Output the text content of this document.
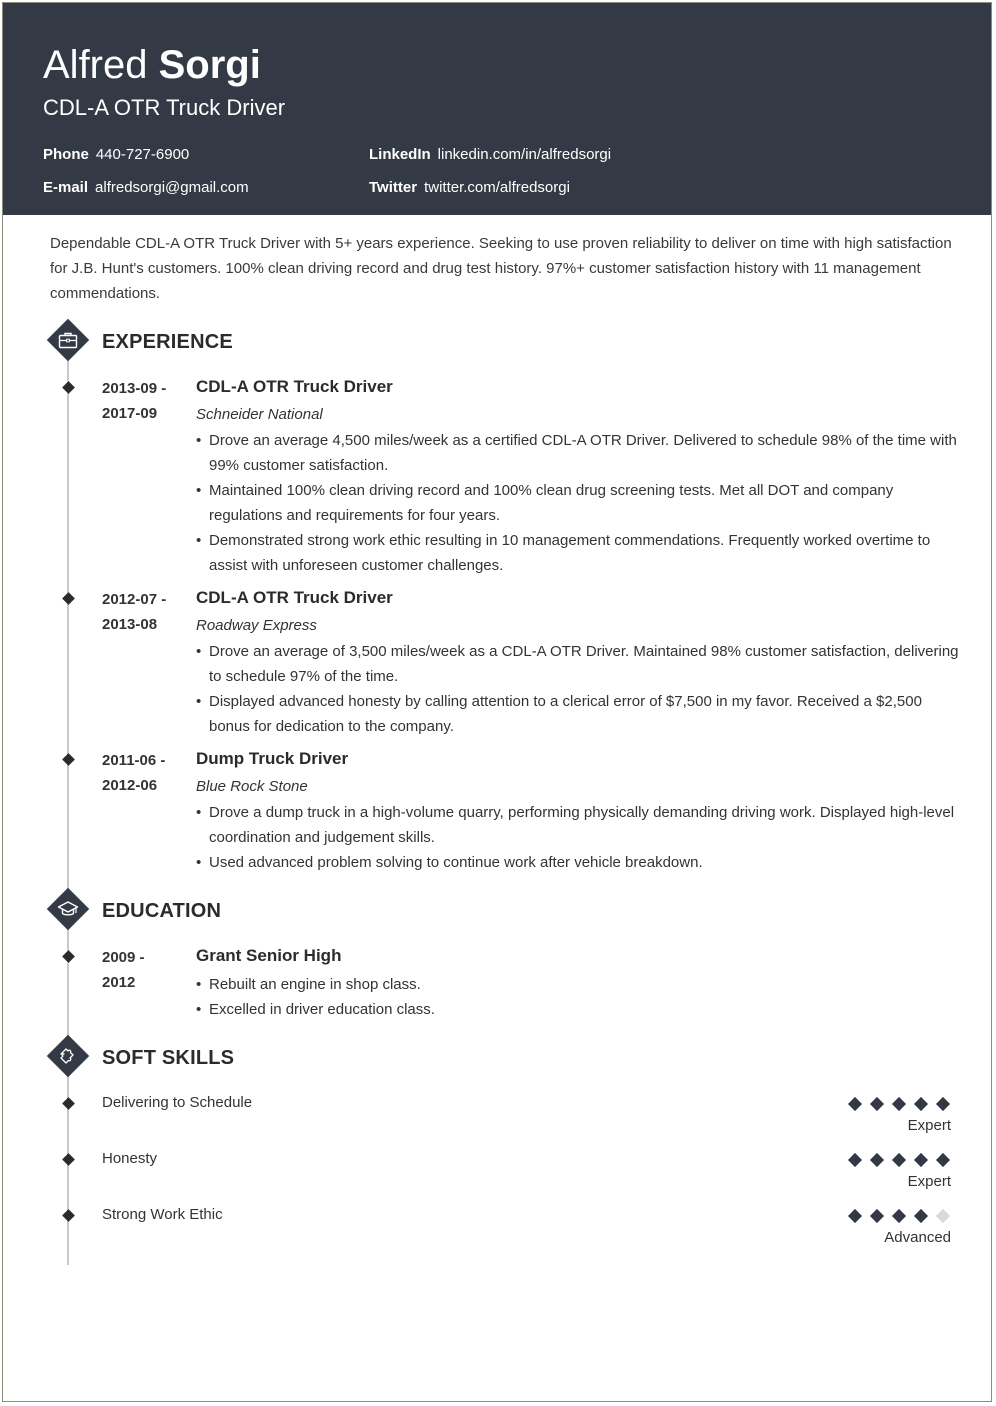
Alfred Sorgi
CDL-A OTR Truck Driver
Phone 440-727-6900
E-mail alfredsorgi@gmail.com
LinkedIn linkedin.com/in/alfredsorgi
Twitter twitter.com/alfredsorgi
Dependable CDL-A OTR Truck Driver with 5+ years experience. Seeking to use proven reliability to deliver on time with high satisfaction for J.B. Hunt's customers. 100% clean driving record and drug test history. 97%+ customer satisfaction history with 11 management commendations.
EXPERIENCE
2013-09 -
2017-09
CDL-A OTR Truck Driver
Schneider National
• Drove an average 4,500 miles/week as a certified CDL-A OTR Driver. Delivered to schedule 98% of the time with 99% customer satisfaction.
• Maintained 100% clean driving record and 100% clean drug screening tests. Met all DOT and company regulations and requirements for four years.
• Demonstrated strong work ethic resulting in 10 management commendations. Frequently worked overtime to assist with unforeseen customer challenges.
2012-07 -
2013-08
CDL-A OTR Truck Driver
Roadway Express
• Drove an average of 3,500 miles/week as a CDL-A OTR Driver. Maintained 98% customer satisfaction, delivering to schedule 97% of the time.
• Displayed advanced honesty by calling attention to a clerical error of $7,500 in my favor. Received a $2,500 bonus for dedication to the company.
2011-06 -
2012-06
Dump Truck Driver
Blue Rock Stone
• Drove a dump truck in a high-volume quarry, performing physically demanding driving work. Displayed high-level coordination and judgement skills.
• Used advanced problem solving to continue work after vehicle breakdown.
EDUCATION
2009 -
2012
Grant Senior High
• Rebuilt an engine in shop class.
• Excelled in driver education class.
SOFT SKILLS
Delivering to Schedule
Expert
Honesty
Expert
Strong Work Ethic
Advanced
